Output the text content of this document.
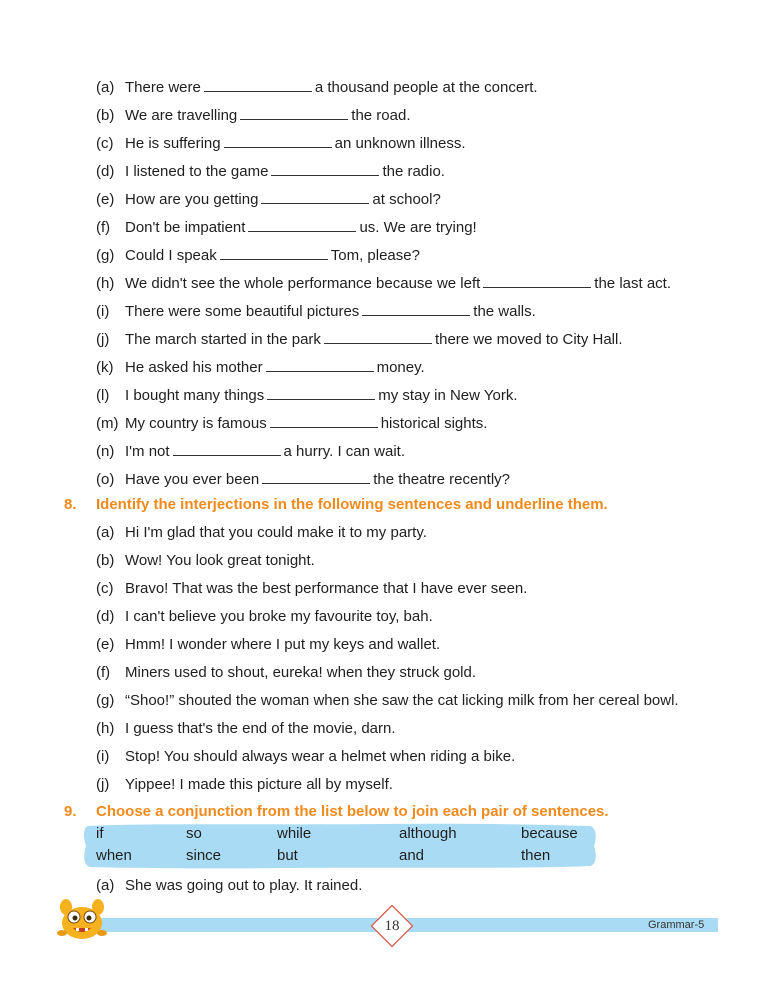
(a) There were	a thousand people at the concert.
(b) We are travelling	the road.
(c) He is suffering	an unknown illness.
(d) I listened to the game	the radio.
(e) How are you getting	at school?
(f) Don't be impatient	us. We are trying!
(g) Could I speak	Tom, please?
(h) We didn't see the whole performance because we left	the last act.
(i) There were some beautiful pictures	the walls.
(j) The march started in the park	there we moved to City Hall.
(k) He asked his mother	money.
(l) I bought many things	my stay in New York.
(m) My country is famous	historical sights.
(n) I'm not	a hurry. I can wait.
(o) Have you ever been	the theatre recently?
8. Identify the interjections in the following sentences and underline them.
(a) Hi I'm glad that you could make it to my party.
(b) Wow! You look great tonight.
(c) Bravo! That was the best performance that I have ever seen.
(d) I can't believe you broke my favourite toy, bah.
(e) Hmm! I wonder where I put my keys and wallet.
(f) Miners used to shout, eureka! when they struck gold.
(g) “Shoo!” shouted the woman when she saw the cat licking milk from her cereal bowl.
(h) I guess that's the end of the movie, darn.
(i) Stop! You should always wear a helmet when riding a bike.
(j) Yippee! I made this picture all by myself.
9. Choose a conjunction from the list below to join each pair of sentences.
if	so	while	although	because
when	since	but	and	then
(a) She was going out to play. It rained.
18	Grammar-5
